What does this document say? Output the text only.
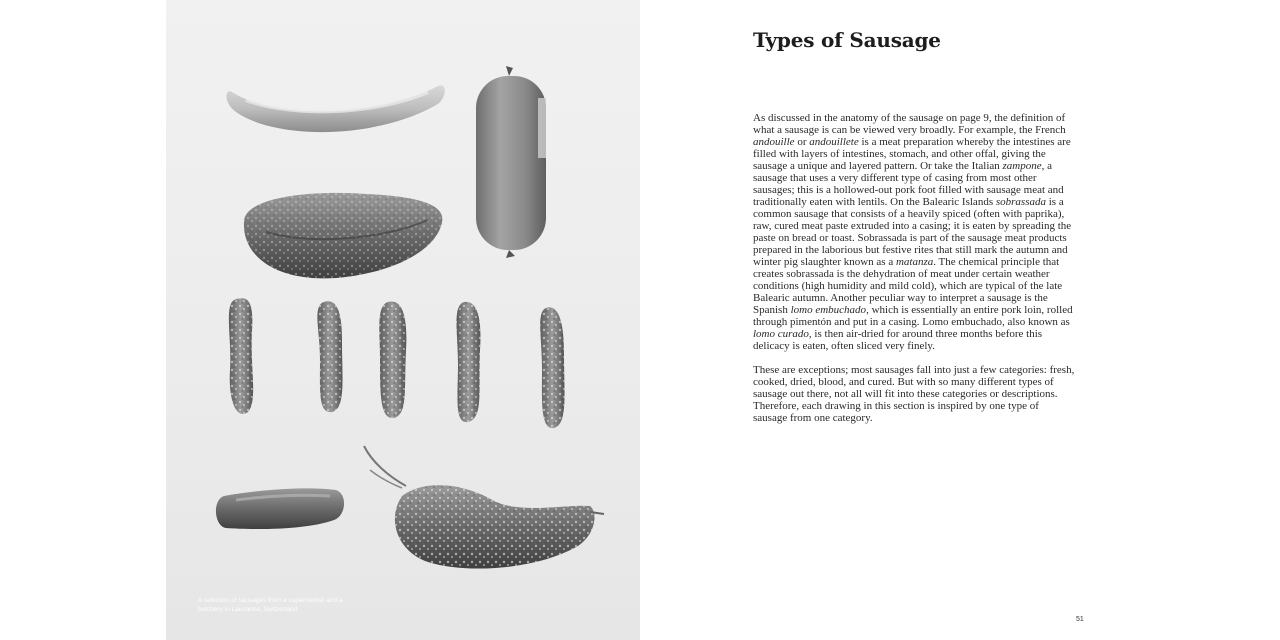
A selection of sausages from a supermarket and a butchery in Lausanne, Switzerland.

Types of Sausage

As discussed in the anatomy of the sausage on page 9, the definition of what a sausage is can be viewed very broadly. For example, the French andouille or andouillete is a meat preparation whereby the intestines are filled with layers of intestines, stomach, and other offal, giving the sausage a unique and layered pattern. Or take the Italian zampone, a sausage that uses a very different type of casing from most other sausages; this is a hollowed-out pork foot filled with sausage meat and traditionally eaten with lentils. On the Balearic Islands sobrassada is a common sausage that consists of a heavily spiced (often with paprika), raw, cured meat paste extruded into a casing; it is eaten by spreading the paste on bread or toast. Sobrassada is part of the sausage meat products prepared in the laborious but festive rites that still mark the autumn and winter pig slaughter known as a matanza. The chemical principle that creates sobrassada is the dehydration of meat under certain weather conditions (high humidity and mild cold), which are typical of the late Balearic autumn. Another peculiar way to interpret a sausage is the Spanish lomo embuchado, which is essentially an entire pork loin, rolled through pimentón and put in a casing. Lomo embuchado, also known as lomo curado, is then air-dried for around three months before this delicacy is eaten, often sliced very finely.

These are exceptions; most sausages fall into just a few categories: fresh, cooked, dried, blood, and cured. But with so many different types of sausage out there, not all will fit into these categories or descriptions. Therefore, each drawing in this section is inspired by one type of sausage from one category.

51
